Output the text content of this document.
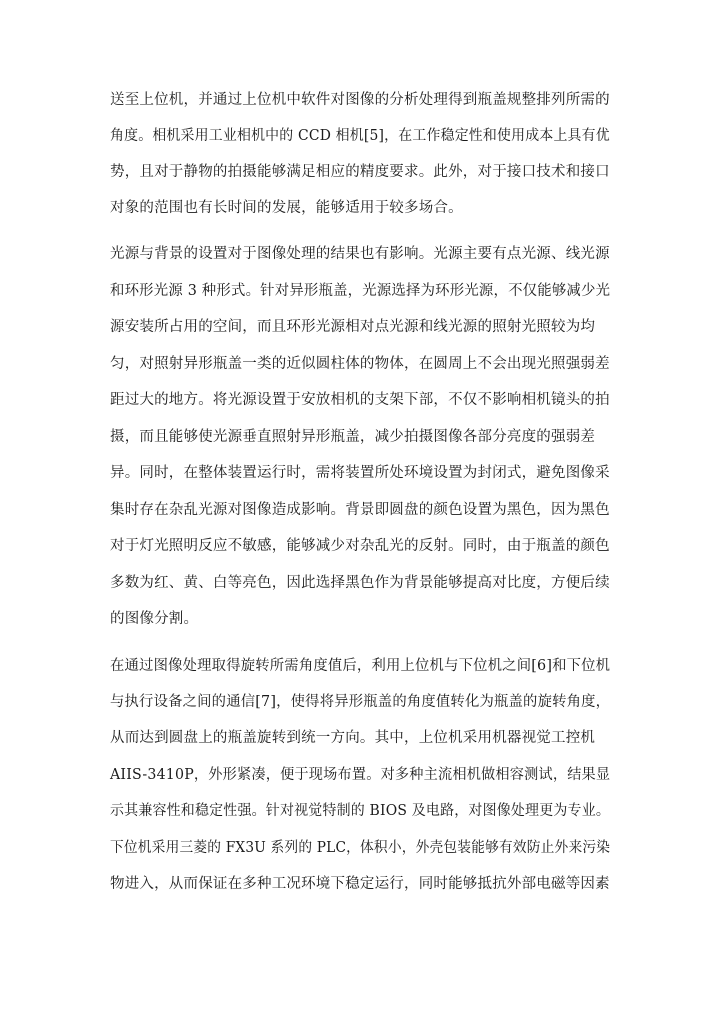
送至上位机，并通过上位机中软件对图像的分析处理得到瓶盖规整排列所需的
角度。相机采用工业相机中的 CCD 相机[5]，在工作稳定性和使用成本上具有优
势，且对于静物的拍摄能够满足相应的精度要求。此外，对于接口技术和接口
对象的范围也有长时间的发展，能够适用于较多场合。
光源与背景的设置对于图像处理的结果也有影响。光源主要有点光源、线光源
和环形光源 3 种形式。针对异形瓶盖，光源选择为环形光源，不仅能够减少光
源安装所占用的空间，而且环形光源相对点光源和线光源的照射光照较为均
匀，对照射异形瓶盖一类的近似圆柱体的物体，在圆周上不会出现光照强弱差
距过大的地方。将光源设置于安放相机的支架下部，不仅不影响相机镜头的拍
摄，而且能够使光源垂直照射异形瓶盖，减少拍摄图像各部分亮度的强弱差
异。同时，在整体装置运行时，需将装置所处环境设置为封闭式，避免图像采
集时存在杂乱光源对图像造成影响。背景即圆盘的颜色设置为黑色，因为黑色
对于灯光照明反应不敏感，能够减少对杂乱光的反射。同时，由于瓶盖的颜色
多数为红、黄、白等亮色，因此选择黑色作为背景能够提高对比度，方便后续
的图像分割。
在通过图像处理取得旋转所需角度值后，利用上位机与下位机之间[6]和下位机
与执行设备之间的通信[7]，使得将异形瓶盖的角度值转化为瓶盖的旋转角度，
从而达到圆盘上的瓶盖旋转到统一方向。其中，上位机采用机器视觉工控机
AIIS-3410P，外形紧凑，便于现场布置。对多种主流相机做相容测试，结果显
示其兼容性和稳定性强。针对视觉特制的 BIOS 及电路，对图像处理更为专业。
下位机采用三菱的 FX3U 系列的 PLC，体积小，外壳包装能够有效防止外来污染
物进入，从而保证在多种工况环境下稳定运行，同时能够抵抗外部电磁等因素
